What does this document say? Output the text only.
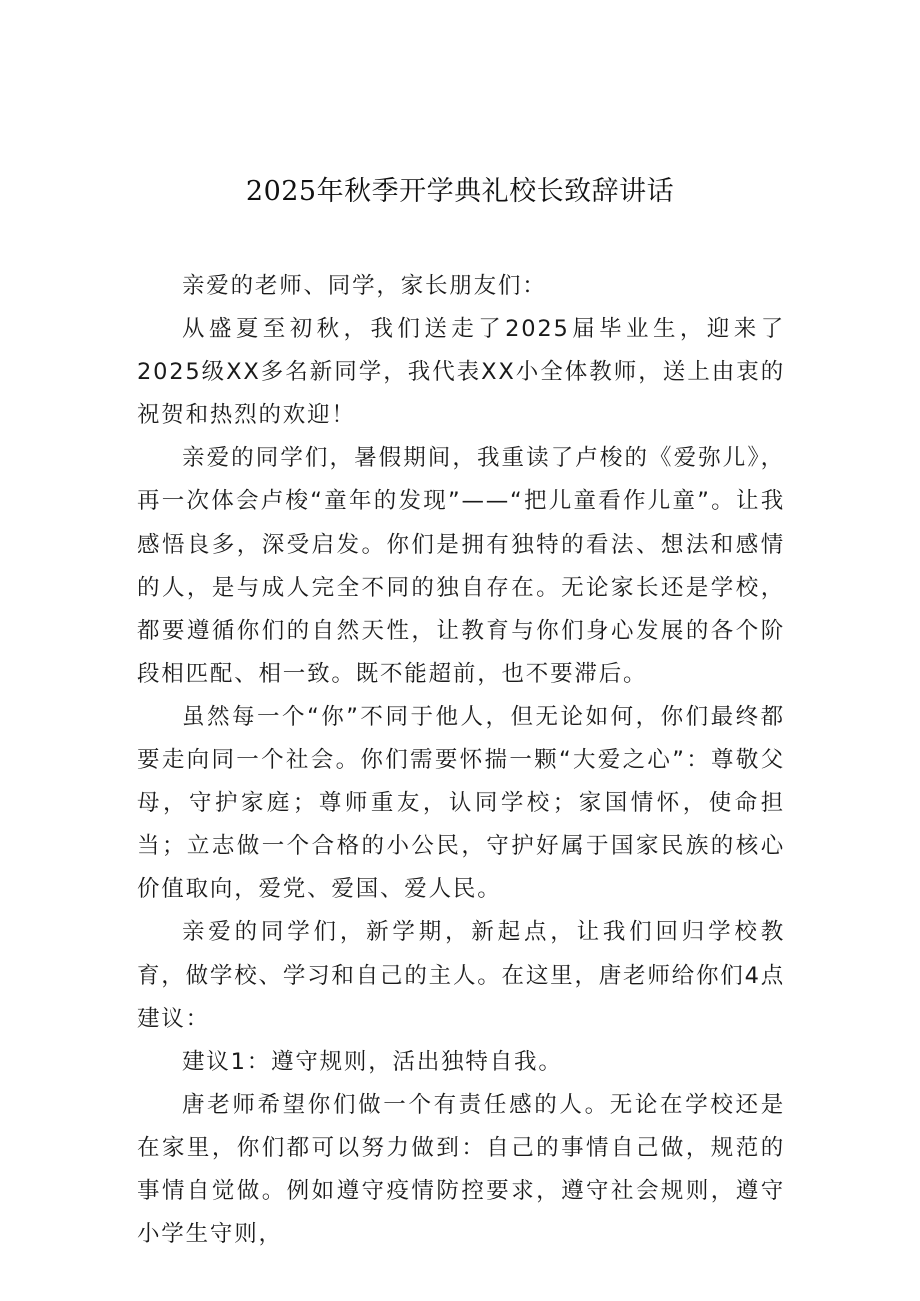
2025年秋季开学典礼校长致辞讲话

亲爱的老师、同学，家长朋友们：

从盛夏至初秋，我们送走了2025届毕业生，迎来了2025级XX多名新同学，我代表XX小全体教师，送上由衷的祝贺和热烈的欢迎！

亲爱的同学们，暑假期间，我重读了卢梭的《爱弥儿》，再一次体会卢梭“童年的发现”——“把儿童看作儿童”。让我感悟良多，深受启发。你们是拥有独特的看法、想法和感情的人，是与成人完全不同的独自存在。无论家长还是学校，都要遵循你们的自然天性，让教育与你们身心发展的各个阶段相匹配、相一致。既不能超前，也不要滞后。

虽然每一个“你”不同于他人，但无论如何，你们最终都要走向同一个社会。你们需要怀揣一颗“大爱之心”：尊敬父母，守护家庭；尊师重友，认同学校；家国情怀，使命担当；立志做一个合格的小公民，守护好属于国家民族的核心价值取向，爱党、爱国、爱人民。

亲爱的同学们，新学期，新起点，让我们回归学校教育，做学校、学习和自己的主人。在这里，唐老师给你们4点建议：

建议1：遵守规则，活出独特自我。

唐老师希望你们做一个有责任感的人。无论在学校还是在家里，你们都可以努力做到：自己的事情自己做，规范的事情自觉做。例如遵守疫情防控要求，遵守社会规则，遵守小学生守则，
